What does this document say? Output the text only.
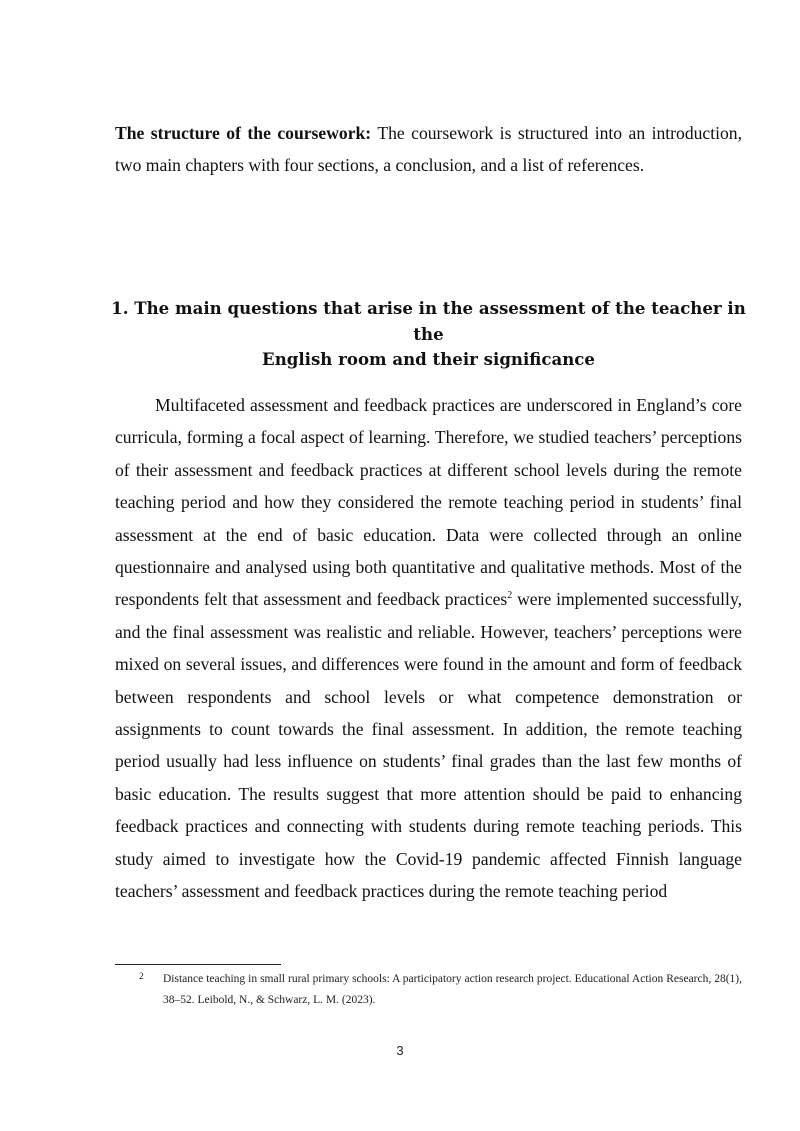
The structure of the coursework: The coursework is structured into an introduction, two main chapters with four sections, a conclusion, and a list of references.

1. The main questions that arise in the assessment of the teacher in the
English room and their significance

Multifaceted assessment and feedback practices are underscored in England’s core curricula, forming a focal aspect of learning. Therefore, we studied teachers’ perceptions of their assessment and feedback practices at different school levels during the remote teaching period and how they considered the remote teaching period in students’ final assessment at the end of basic education. Data were collected through an online questionnaire and analysed using both quantitative and qualitative methods. Most of the respondents felt that assessment and feedback practices$^2$ were implemented successfully, and the final assessment was realistic and reliable. However, teachers’ perceptions were mixed on several issues, and differences were found in the amount and form of feedback between respondents and school levels or what competence demonstration or assignments to count towards the final assessment. In addition, the remote teaching period usually had less influence on students’ final grades than the last few months of basic education. The results suggest that more attention should be paid to enhancing feedback practices and connecting with students during remote teaching periods. This study aimed to investigate how the Covid-19 pandemic affected Finnish language teachers’ assessment and feedback practices during the remote teaching period

2 Distance teaching in small rural primary schools: A participatory action research project. Educational Action Research, 28(1), 38–52. Leibold, N., & Schwarz, L. M. (2023).
3
